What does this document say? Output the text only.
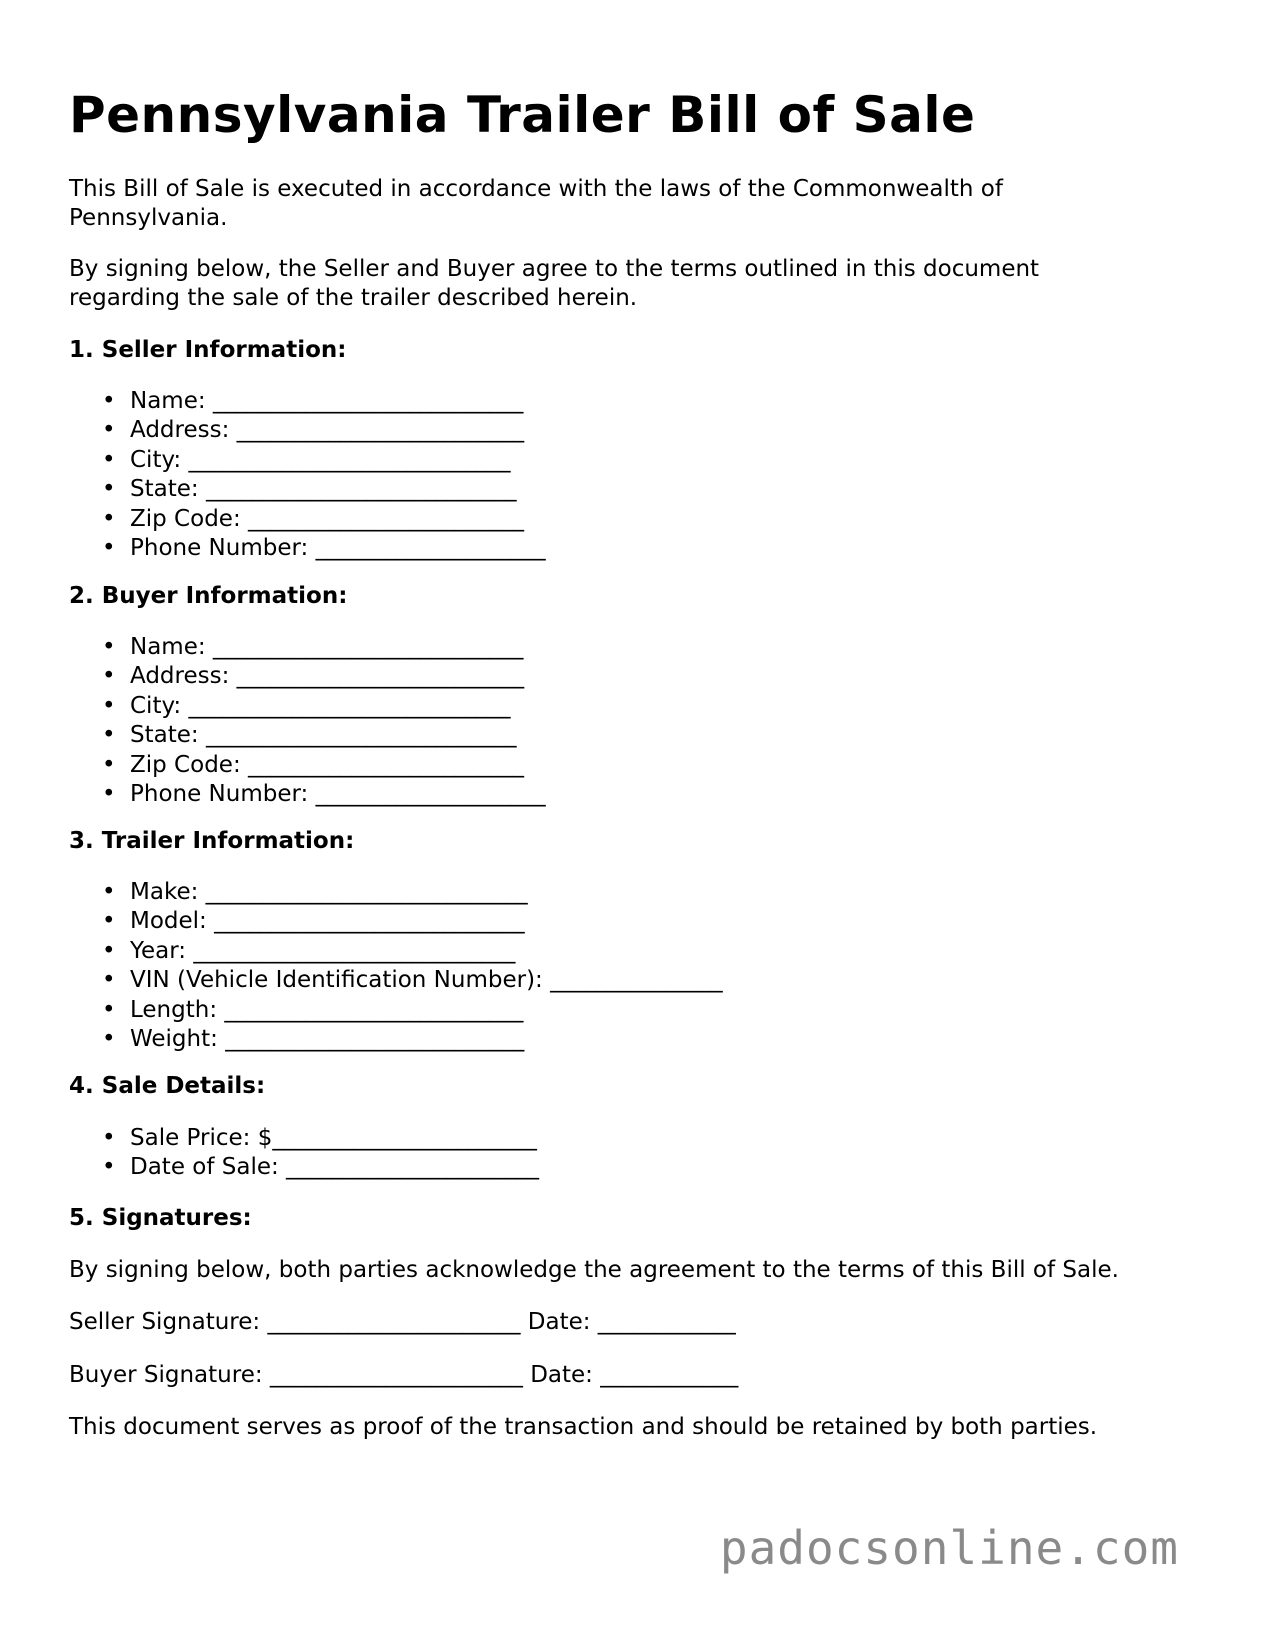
Pennsylvania Trailer Bill of Sale

This Bill of Sale is executed in accordance with the laws of the Commonwealth of
Pennsylvania.

By signing below, the Seller and Buyer agree to the terms outlined in this document
regarding the sale of the trailer described herein.

1. Seller Information:

• Name: ___________________________
• Address: _________________________
• City: ____________________________
• State: ___________________________
• Zip Code: ________________________
• Phone Number: ____________________

2. Buyer Information:

• Name: ___________________________
• Address: _________________________
• City: ____________________________
• State: ___________________________
• Zip Code: ________________________
• Phone Number: ____________________

3. Trailer Information:

• Make: ____________________________
• Model: ___________________________
• Year: ____________________________
• VIN (Vehicle Identification Number): _______________
• Length: __________________________
• Weight: __________________________

4. Sale Details:

• Sale Price: $_______________________
• Date of Sale: ______________________

5. Signatures:

By signing below, both parties acknowledge the agreement to the terms of this Bill of Sale.

Seller Signature: ______________________ Date: ____________

Buyer Signature: ______________________ Date: ____________

This document serves as proof of the transaction and should be retained by both parties.

padocsonline.com
